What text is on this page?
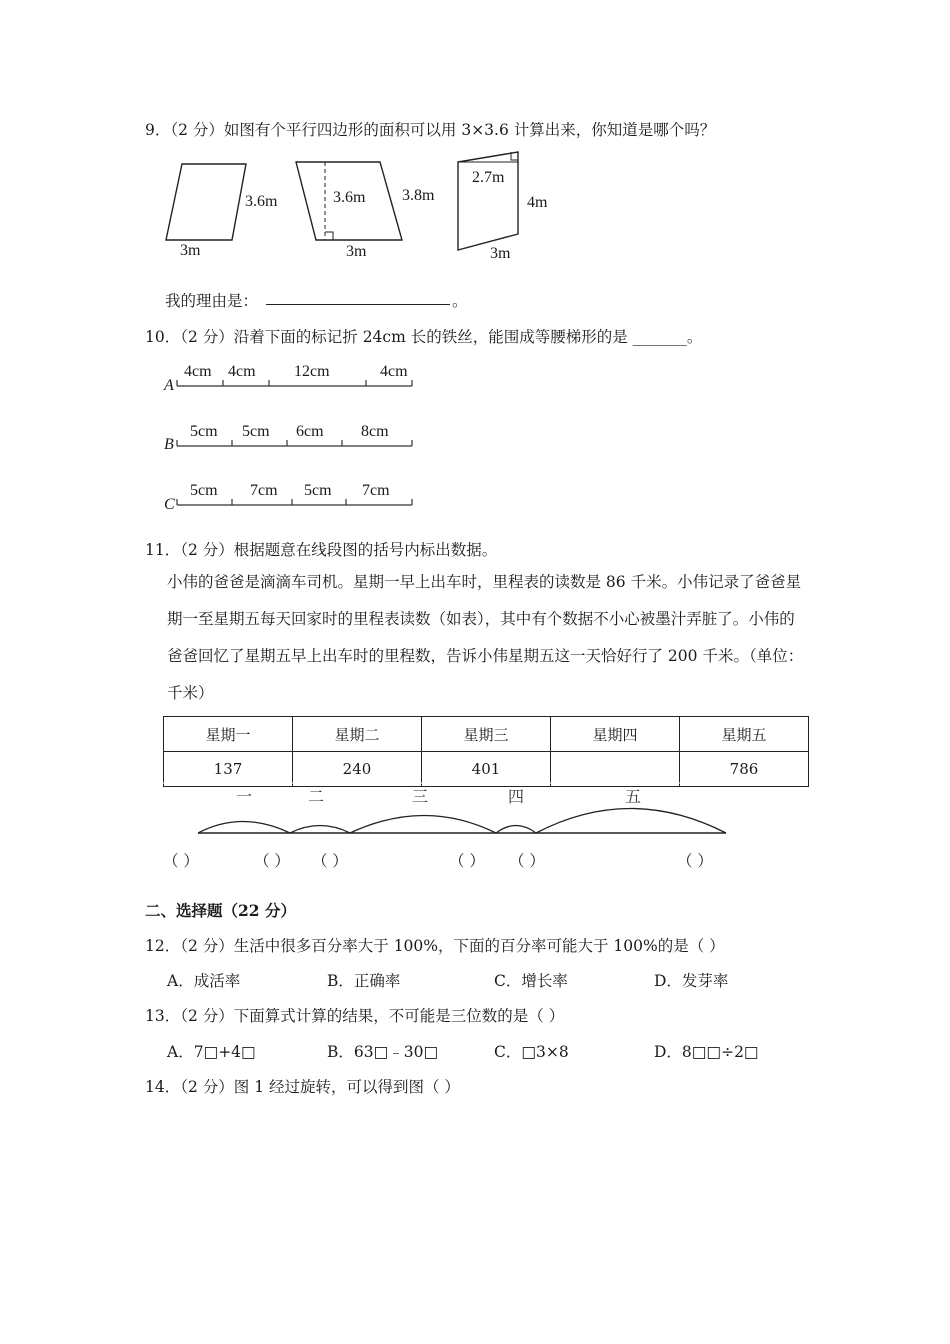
9．（2 分）如图有个平行四边形的面积可以用 3×3.6 计算出来，你知道是哪个吗？
3.6m
3m
3.6m 3.8m
3m
2.7m
4m
3m
我的理由是：	。
10．（2 分）沿着下面的标记折 24cm 长的铁丝，能围成等腰梯形的是 _______。
A
4cm 4cm 12cm	4cm
B
5cm 5cm 6cm 8cm
C
5cm 7cm 5cm 7cm
11．（2 分）根据题意在线段图的括号内标出数据。
小伟的爸爸是滴滴车司机。星期一早上出车时，里程表的读数是 86 千米。小伟记录了爸爸星期一至星期五每天回家时的里程表读数（如表），其中有个数据不小心被墨汁弄脏了。小伟的爸爸回忆了星期五早上出车时的里程数，告诉小伟星期五这一天恰好行了 200 千米。（单位：千米）
星期一	星期二	星期三	星期四	星期五
137	240	401		786
一	二	三	四	五
（ ）	（ ） （ ）	（ ） （ ）	（ ）
二、选择题（22 分）
12．（2 分）生活中很多百分率大于 100%，下面的百分率可能大于 100%的是（ ）
A．成活率	B．正确率	C．增长率	D．发芽率
13．（2 分）下面算式计算的结果，不可能是三位数的是（ ）
A．7□+4□	B．63□﹣30□	C．□3×8	D．8□□÷2□
14．（2 分）图 1 经过旋转，可以得到图（ ）
